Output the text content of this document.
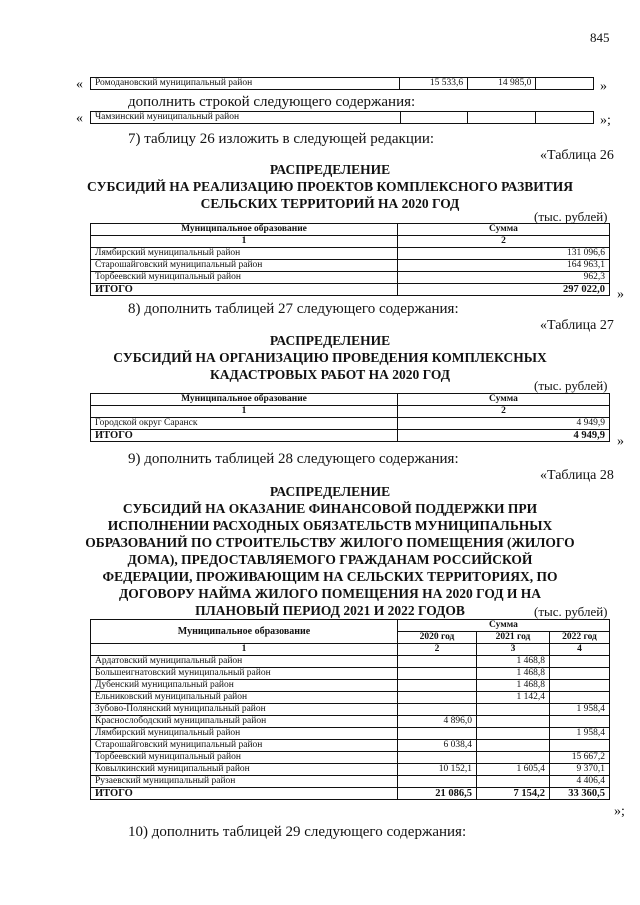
845
« Ромодановский муниципальный район	15 533,6	14 985,0		»
дополнить строкой следующего содержания:
« Чамзинский муниципальный район				»;
7) таблицу 26 изложить в следующей редакции:
«Таблица 26
РАСПРЕДЕЛЕНИЕ
СУБСИДИЙ НА РЕАЛИЗАЦИЮ ПРОЕКТОВ КОМПЛЕКСНОГО РАЗВИТИЯ
СЕЛЬСКИХ ТЕРРИТОРИЙ НА 2020 ГОД
(тыс. рублей)
Муниципальное образование	Сумма
1	2
Лямбирский муниципальный район	131 096,6
Старошайговский муниципальный район	164 963,1
Торбеевский муниципальный район	962,3
ИТОГО	297 022,0 »
8) дополнить таблицей 27 следующего содержания:
«Таблица 27
РАСПРЕДЕЛЕНИЕ
СУБСИДИЙ НА ОРГАНИЗАЦИЮ ПРОВЕДЕНИЯ КОМПЛЕКСНЫХ
КАДАСТРОВЫХ РАБОТ НА 2020 ГОД
(тыс. рублей)
Муниципальное образование	Сумма
1	2
Городской округ Саранск	4 949,9
ИТОГО	4 949,9 »
9) дополнить таблицей 28 следующего содержания:
«Таблица 28
РАСПРЕДЕЛЕНИЕ
СУБСИДИЙ НА ОКАЗАНИЕ ФИНАНСОВОЙ ПОДДЕРЖКИ ПРИ
ИСПОЛНЕНИИ РАСХОДНЫХ ОБЯЗАТЕЛЬСТВ МУНИЦИПАЛЬНЫХ
ОБРАЗОВАНИЙ ПО СТРОИТЕЛЬСТВУ ЖИЛОГО ПОМЕЩЕНИЯ (ЖИЛОГО
ДОМА), ПРЕДОСТАВЛЯЕМОГО ГРАЖДАНАМ РОССИЙСКОЙ
ФЕДЕРАЦИИ, ПРОЖИВАЮЩИМ НА СЕЛЬСКИХ ТЕРРИТОРИЯХ, ПО
ДОГОВОРУ НАЙМА ЖИЛОГО ПОМЕЩЕНИЯ НА 2020 ГОД И НА
ПЛАНОВЫЙ ПЕРИОД 2021 И 2022 ГОДОВ	(тыс. рублей)
Муниципальное образование	Сумма		
	2020 год	2021 год	2022 год
1	2	3	4
Ардатовский муниципальный район		1 468,8	
Большеигнатовский муниципальный район		1 468,8	
Дубенский муниципальный район		1 468,8	
Ельниковский муниципальный район		1 142,4	
Зубово-Полянский муниципальный район			1 958,4
Краснослободский муниципальный район	4 896,0		
Лямбирский муниципальный район			1 958,4
Старошайговский муниципальный район	6 038,4		
Торбеевский муниципальный район			15 667,2
Ковылкинский муниципальный район	10 152,1	1 605,4	9 370,1
Рузаевский муниципальный район			4 406,4
ИТОГО	21 086,5	7 154,2	33 360,5
»;
10) дополнить таблицей 29 следующего содержания:
